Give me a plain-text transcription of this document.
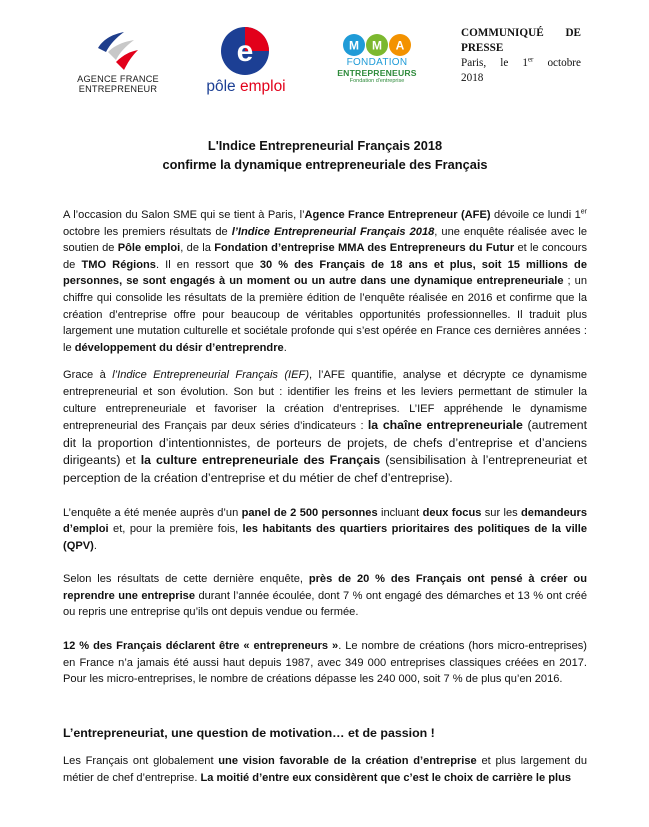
AGENCE FRANCE
ENTREPRENEUR
e
pôle emploi
M M A
FONDATION
ENTREPRENEURS
Fondation d'entreprise
COMMUNIQUÉ DE
PRESSE
Paris, le 1er octobre
2018
L'Indice Entrepreneurial Français 2018
confirme la dynamique entrepreneuriale des Français

A l’occasion du Salon SME qui se tient à Paris, l’Agence France Entrepreneur (AFE) dévoile ce lundi 1er octobre les premiers résultats de l’Indice Entrepreneurial Français 2018, une enquête réalisée avec le soutien de Pôle emploi, de la Fondation d’entreprise MMA des Entrepreneurs du Futur et le concours de TMO Régions. Il en ressort que 30 % des Français de 18 ans et plus, soit 15 millions de personnes, se sont engagés à un moment ou un autre dans une dynamique entrepreneuriale ; un chiffre qui consolide les résultats de la première édition de l’enquête réalisée en 2016 et confirme que la création d’entreprise offre pour beaucoup de véritables opportunités professionnelles. Il traduit plus largement une mutation culturelle et sociétale profonde qui s’est opérée en France ces dernières années : le développement du désir d’entreprendre.

Grace à l’Indice Entrepreneurial Français (IEF), l’AFE quantifie, analyse et décrypte ce dynamisme entrepreneurial et son évolution. Son but : identifier les freins et les leviers permettant de stimuler la culture entrepreneuriale et favoriser la création d’entreprises. L’IEF appréhende le dynamisme entrepreneurial des Français par deux séries d’indicateurs : la chaîne entrepreneuriale (autrement dit la proportion d’intentionnistes, de porteurs de projets, de chefs d’entreprise et d’anciens dirigeants) et la culture entrepreneuriale des Français (sensibilisation à l’entrepreneuriat et perception de la création d’entreprise et du métier de chef d’entreprise).

L’enquête a été menée auprès d’un panel de 2 500 personnes incluant deux focus sur les demandeurs d’emploi et, pour la première fois, les habitants des quartiers prioritaires des politiques de la ville (QPV).

Selon les résultats de cette dernière enquête, près de 20 % des Français ont pensé à créer ou reprendre une entreprise durant l’année écoulée, dont 7 % ont engagé des démarches et 13 % ont créé ou repris une entreprise qu’ils ont depuis vendue ou fermée.

12 % des Français déclarent être « entrepreneurs ». Le nombre de créations (hors micro-entreprises) en France n’a jamais été aussi haut depuis 1987, avec 349 000 entreprises classiques créées en 2017. Pour les micro-entreprises, le nombre de créations dépasse les 240 000, soit 7 % de plus qu’en 2016.

L’entrepreneuriat, une question de motivation… et de passion !

Les Français ont globalement une vision favorable de la création d’entreprise et plus largement du métier de chef d’entreprise. La moitié d’entre eux considèrent que c’est le choix de carrière le plus
